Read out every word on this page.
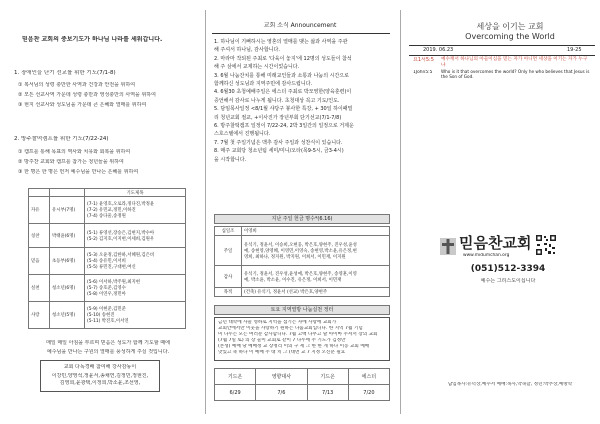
믿음찬 교회의 중보기도가 하나님 나라를 세워갑니다.
1. 장애인을 단기 선교를 위한 기도(7/1-8)
① 복서님의 성령 충만한 사역과 건강과 안전을 위하여
② 모든 선교사역 가운데 성령 충만과 영성충만의 사역을 위하여
③ 현지 선교사와 성도님을 가운데 큰 은혜와 열매를 위하여
2. 방주찰떡캠프를 위한 기도(7/22-24)
① 캠프를 통해 목표의 역사와 치유와 회복을 위하여
② 방주찬 교회와 캠프를 참가는 청년들을 위하여
③ 한 명은 한 명은 먼저 예수님을 만나는 은혜를 위하여
		기도제목
자유	유시부(7명)	(7-1) 윤영호,오로라,정다진,박정윤
(7-2) 유민교,정민,이하진
(7-4) 송다울,송정원

칭찬	박태윤(6명)	(5-1) 류영선,장승은,김현지,박수아
(5-2) 김지호,이지현,이세희,김원우

믿음	초등부(6명)	(5-3) 오윤정,김한하,서혜원,김은비
(5-4) 송유민,이서희
(5-5) 류민진,구대현,여신

실천	청소년(6명)	(5-6) 이서하,박주원,최지현
(5-7) 송호준,김영수
(5-8) 이연우,정민아

사랑	청소년(5명)	(5-9) 이현준,김민준
(5-10) 송현진
(5-11) 박진호,이서연
매일 매일 아침을 부르며 믿음은 성도가 함께 기도할 때에
예수님을 만나는 구원의 열매를 풍성하게 주실 것입니다.
교회 다독경배 참여해 강사감동이
이강민,양영석,정윤서,송채연,김정민,정현진,
김영희,윤광택,이정희,박소윤,조선영,
교회 소식 Announcement
1. 하나님이 기뻐하시는 영혼의 열매를 맺는 삶과 사역을 주관
해 주셔서 하나님, 감사합니다.
2. 마라마 작되된 주최로 '다육이 놓지'에 12명의 성도들이 참석
해 주 삼에서 교제하는 시간이었습니다.
3. 6월 나눔잔치를 통해 미래교인들과 소통과 나눔의 시간으로
함께하신 성도님과 지역주민에 감사드립니다.
4. 6월30 초청예배주일은 에스더 주최로 박모영한(양육훈련)이
증언해서 감사로 나누게 됩니다. 초청대상 꼭고 기도/인도.
5. 담임목사일정 <8/1월 샤당구 봉사한 특강, + 30일 하이패밀
리 청년교회 절교, +이사진가 장년부회 단기선교(7/1-7/8)
6. 방주찰떡캠프 일정이 7/22-24, 2박 3일간의 일정으로 거제운
스호스텔에서 진행됩니다.
7. 7월 첫 주일기념은 맥추 감사 주일과 성찬식이 있습니다.
8. 매주 교회당 청소년팀 세미/미니/오타(목9-5시, 금3-4시)
을 시작합니다.
지난 주일 헌금 명수*(6.16)
십일조	이영희

주일	유석기, 정윤서, 이승희,오현웅, 박은호,양현주, 진우성,윤성
예, 송현영,양영혜, 이영민,이영숙, 송현영,박소윤,유은정,현
영희, 최하나, 정지원, 박지원, 이희서, 이민재, 이지원

감사	유석기, 정윤서, 진우성,윤성예, 박은호,양현주, 송영훈,이영
예, 박소윤, 박소윤, 이수진, 유은정, 이희서, 이민재

목적	(건축) 유석기, 정윤서 (선교) 박은호,양현주
토요 지역열방 나눔실천 정터
금년 대학에 사늘 영하로 지역을 섬기는 자에 사랑에 교회가
교회안에서만 이웃을 사랑하기 원하는 나눔교회입니다. 한 지역 7월 기념
미 나누는 모든 여러분 감사합니다. 7월 고백 나무고 말 아이마 주셔서 장의 교회
(7월 7일 토) 의 장 들이 교회로 같이 7 나누에 주 기도가 김정만
(본성) 예배 당 예배정 교 장정리 이의 구 세 그 한 한 게 하나 이동 교회 예배
맛있고 축 하나 이 예배 주 대 치 그 (대면 교 7 지정 오신분 필요
기드온	영향대사	기드온	에스더
6/29	7/6	7/13	7/20
세상을 이기는 교회
Overcoming the World
2019. 06.23	19-25
요1서5:5 예수께서 하나님의 아들이심을 믿는 자가 아니면 세상을 이기는 자가 누구냐
1John5:5 Who is it that overcomes the world? Only he who believes that Jesus is the Son of God.
믿음찬교회
www.midumchan.org
(051)512-3394
예수는 그리스도이십니다
담임목사:유덕상,예수서 예배:목사,약속할, 정년:박추상,예방학
